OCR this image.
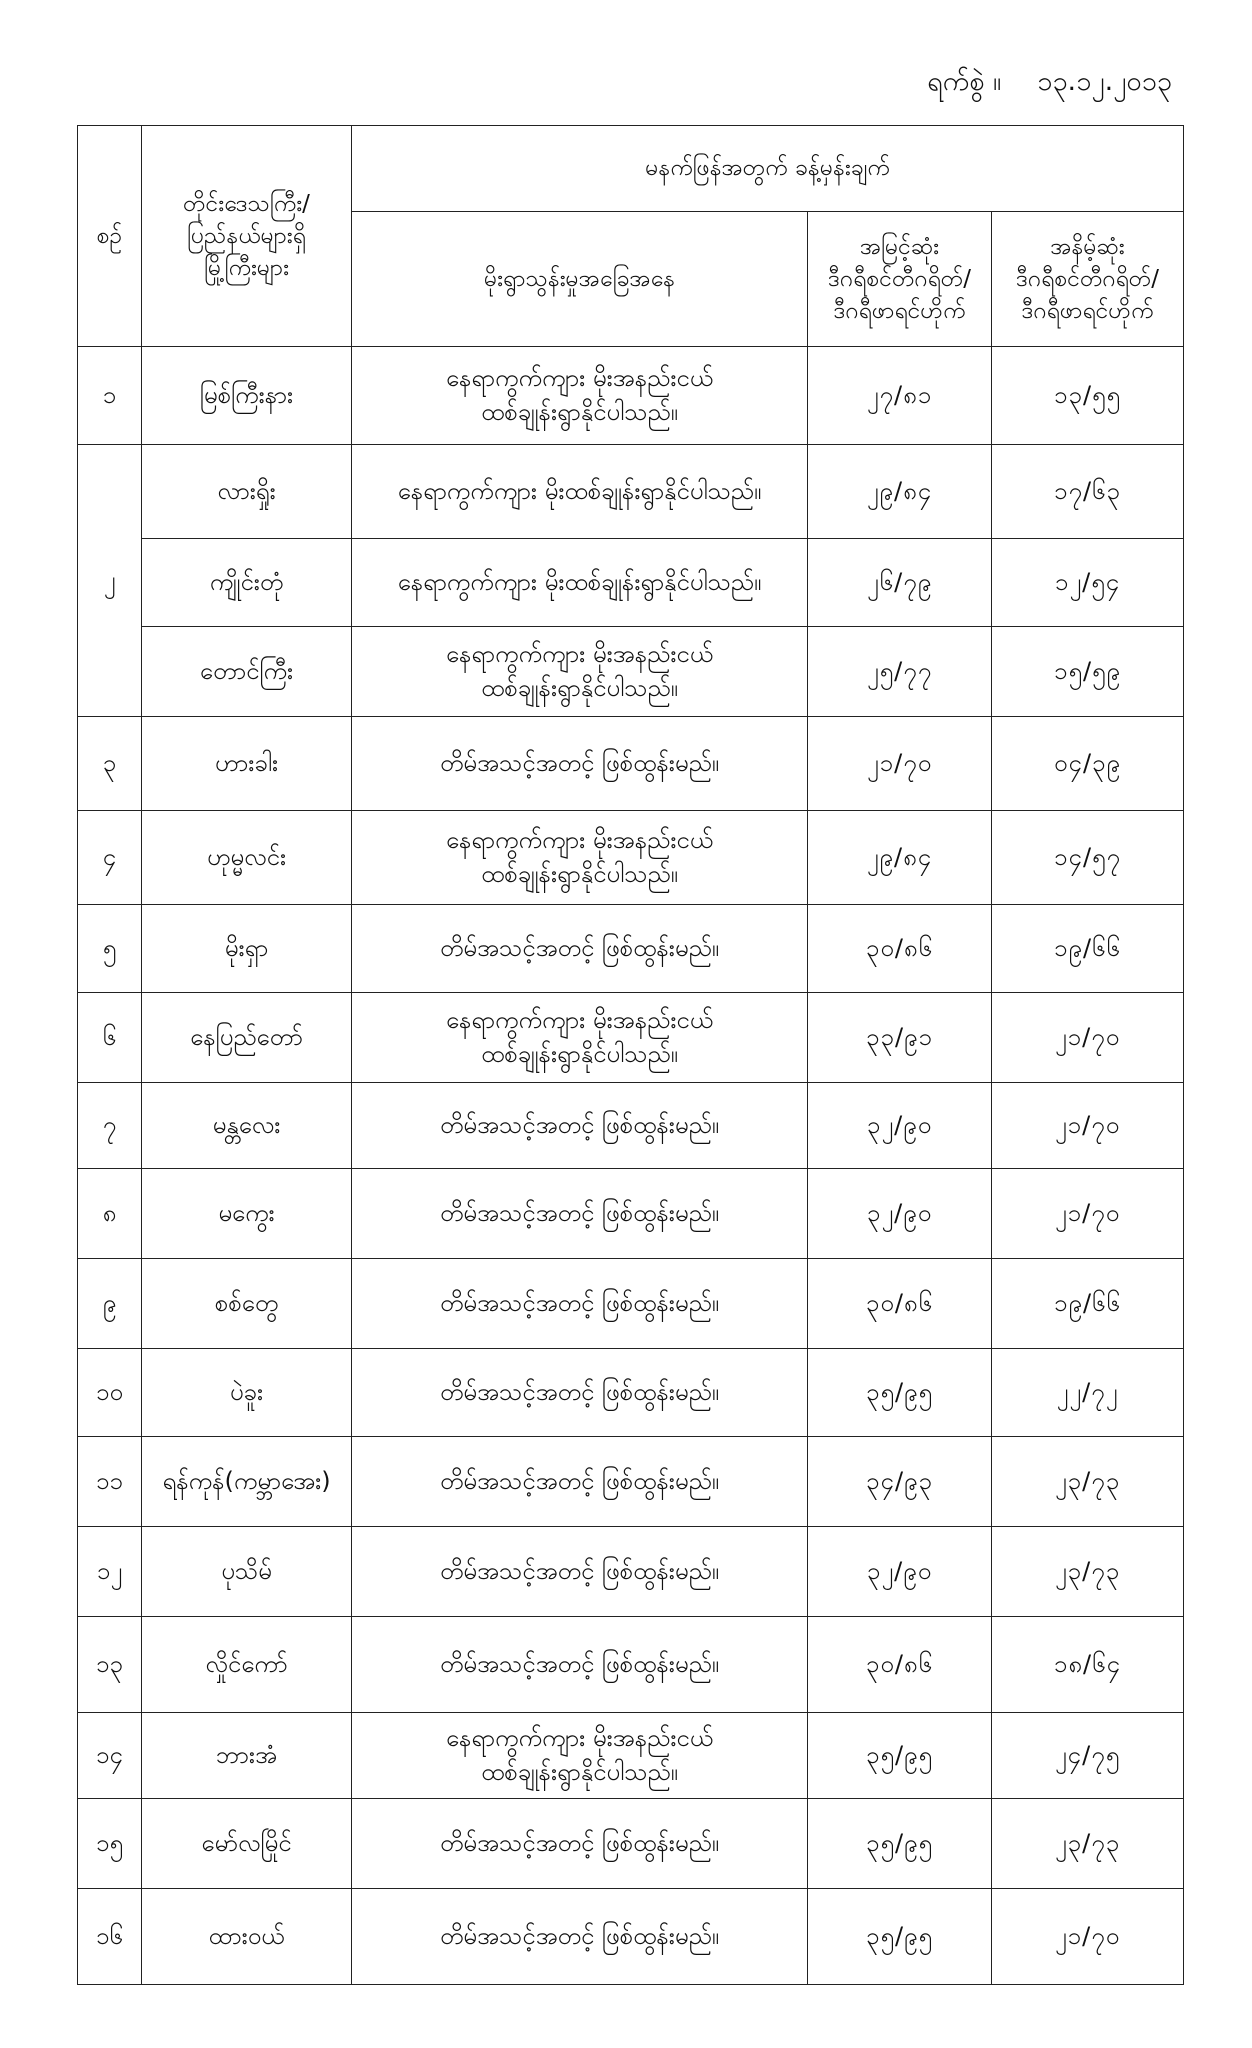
ရက်စွဲ ။ ၁၃.၁၂.၂၀၁၃
စဉ်	တိုင်းဒေသကြီး/
ပြည်နယ်များရှိ
မြို့ကြီးများ	မနက်ဖြန်အတွက် ခန့်မှန်းချက်		
		မိုးရွာသွန်းမှုအခြေအနေ	အမြင့်ဆုံး
ဒီဂရီစင်တီဂရိတ်/
ဒီဂရီဖာရင်ဟိုက်	အနိမ့်ဆုံး
ဒီဂရီစင်တီဂရိတ်/
ဒီဂရီဖာရင်ဟိုက်

၁	မြစ်ကြီးနား	နေရာကွက်ကျား မိုးအနည်းငယ်
ထစ်ချုန်းရွာနိုင်ပါသည်။	၂၇/၈၁	၁၃/၅၅
၂	လားရှိုး	နေရာကွက်ကျား မိုးထစ်ချုန်းရွာနိုင်ပါသည်။	၂၉/၈၄	၁၇/၆၃
	ကျိုင်းတုံ	နေရာကွက်ကျား မိုးထစ်ချုန်းရွာနိုင်ပါသည်။	၂၆/၇၉	၁၂/၅၄
	တောင်ကြီး	နေရာကွက်ကျား မိုးအနည်းငယ်
ထစ်ချုန်းရွာနိုင်ပါသည်။	၂၅/၇၇	၁၅/၅၉
၃	ဟားခါး	တိမ်အသင့်အတင့် ဖြစ်ထွန်းမည်။	၂၁/၇၀	၀၄/၃၉
၄	ဟုမ္မလင်း	နေရာကွက်ကျား မိုးအနည်းငယ်
ထစ်ချုန်းရွာနိုင်ပါသည်။	၂၉/၈၄	၁၄/၅၇
၅	မိုးရှာ	တိမ်အသင့်အတင့် ဖြစ်ထွန်းမည်။	၃၀/၈၆	၁၉/၆၆
၆	နေပြည်တော်	နေရာကွက်ကျား မိုးအနည်းငယ်
ထစ်ချုန်းရွာနိုင်ပါသည်။	၃၃/၉၁	၂၁/၇၀
၇	မန္တလေး	တိမ်အသင့်အတင့် ဖြစ်ထွန်းမည်။	၃၂/၉၀	၂၁/၇၀
၈	မကွေး	တိမ်အသင့်အတင့် ဖြစ်ထွန်းမည်။	၃၂/၉၀	၂၁/၇၀
၉	စစ်တွေ	တိမ်အသင့်အတင့် ဖြစ်ထွန်းမည်။	၃၀/၈၆	၁၉/၆၆
၁၀	ပဲခူး	တိမ်အသင့်အတင့် ဖြစ်ထွန်းမည်။	၃၅/၉၅	၂၂/၇၂
၁၁	ရန်ကုန်(ကမ္ဘာအေး)	တိမ်အသင့်အတင့် ဖြစ်ထွန်းမည်။	၃၄/၉၃	၂၃/၇၃
၁၂	ပုသိမ်	တိမ်အသင့်အတင့် ဖြစ်ထွန်းမည်။	၃၂/၉၀	၂၃/၇၃
၁၃	လှိုင်ကော်	တိမ်အသင့်အတင့် ဖြစ်ထွန်းမည်။	၃၀/၈၆	၁၈/၆၄
၁၄	ဘားအံ	နေရာကွက်ကျား မိုးအနည်းငယ်
ထစ်ချုန်းရွာနိုင်ပါသည်။	၃၅/၉၅	၂၄/၇၅
၁၅	မော်လမြိုင်	တိမ်အသင့်အတင့် ဖြစ်ထွန်းမည်။	၃၅/၉၅	၂၃/၇၃
၁၆	ထားဝယ်	တိမ်အသင့်အတင့် ဖြစ်ထွန်းမည်။	၃၅/၉၅	၂၁/၇၀
